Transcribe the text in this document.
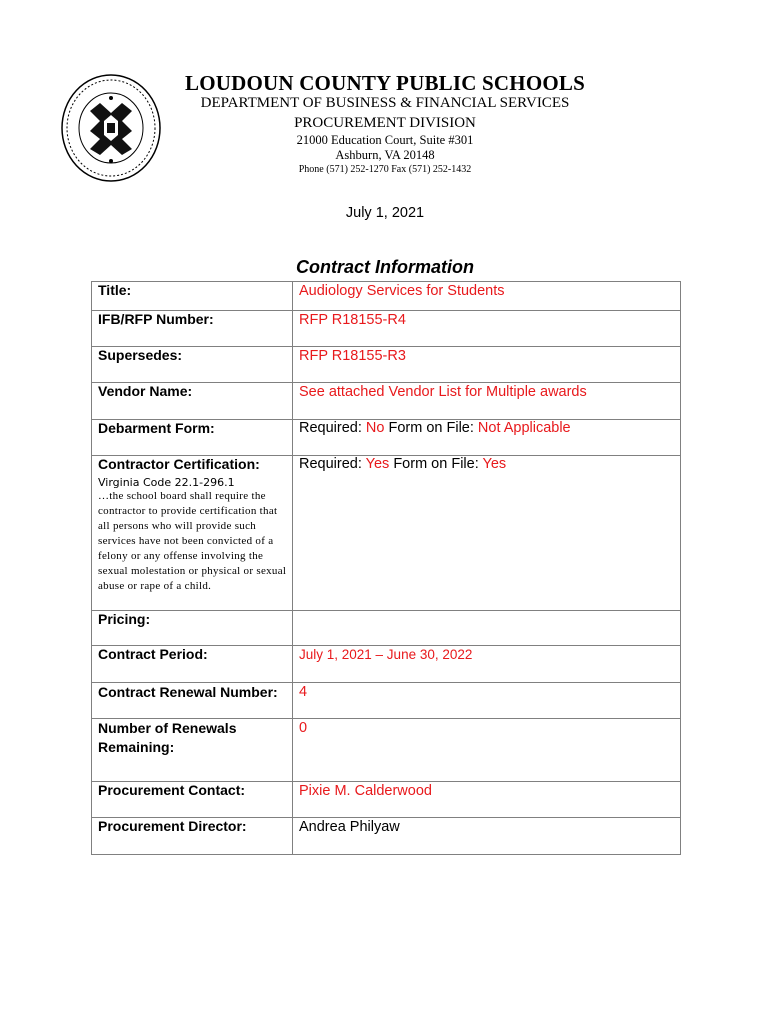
LOUDOUN COUNTY PUBLIC SCHOOLS
DEPARTMENT OF BUSINESS & FINANCIAL SERVICES
PROCUREMENT DIVISION
21000 Education Court, Suite #301
Ashburn, VA 20148
Phone (571) 252-1270 Fax (571) 252-1432
July 1, 2021
Contract Information
Title:	Audiology Services for Students
IFB/RFP Number:	RFP R18155-R4
Supersedes:	RFP R18155-R3
Vendor Name:	See attached Vendor List for Multiple awards
Debarment Form:	Required: No Form on File: Not Applicable

Contractor Certification:
Virginia Code 22.1-296.1
…the school board shall require the contractor to provide certification that all persons who will provide such services have not been convicted of a felony or any offense involving the sexual molestation or physical or sexual abuse or rape of a child.	Required: Yes Form on File: Yes
Pricing:	
Contract Period:	July 1, 2021 – June 30, 2022
Contract Renewal Number:	4
Number of Renewals Remaining:	0
Procurement Contact:	Pixie M. Calderwood
Procurement Director:	Andrea Philyaw
